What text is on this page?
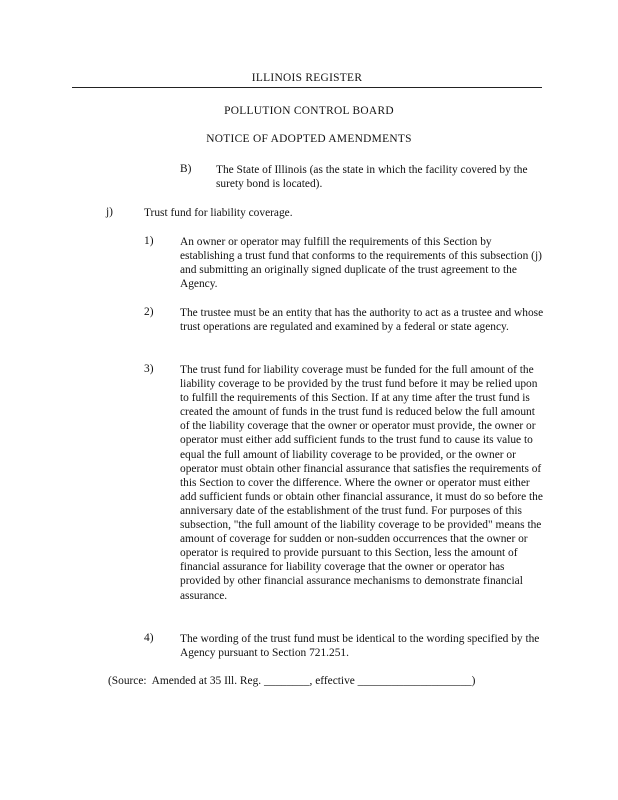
ILLINOIS REGISTER
POLLUTION CONTROL BOARD
NOTICE OF ADOPTED AMENDMENTS
B) The State of Illinois (as the state in which the facility covered by the surety bond is located).
j)	Trust fund for liability coverage.
1) An owner or operator may fulfill the requirements of this Section by establishing a trust fund that conforms to the requirements of this subsection (j) and submitting an originally signed duplicate of the trust agreement to the Agency.
2) The trustee must be an entity that has the authority to act as a trustee and whose trust operations are regulated and examined by a federal or state agency.
3) The trust fund for liability coverage must be funded for the full amount of the liability coverage to be provided by the trust fund before it may be relied upon to fulfill the requirements of this Section. If at any time after the trust fund is created the amount of funds in the trust fund is reduced below the full amount of the liability coverage that the owner or operator must provide, the owner or operator must either add sufficient funds to the trust fund to cause its value to equal the full amount of liability coverage to be provided, or the owner or operator must obtain other financial assurance that satisfies the requirements of this Section to cover the difference. Where the owner or operator must either add sufficient funds or obtain other financial assurance, it must do so before the anniversary date of the establishment of the trust fund. For purposes of this subsection, "the full amount of the liability coverage to be provided" means the amount of coverage for sudden or non-sudden occurrences that the owner or operator is required to provide pursuant to this Section, less the amount of financial assurance for liability coverage that the owner or operator has provided by other financial assurance mechanisms to demonstrate financial assurance.
4) The wording of the trust fund must be identical to the wording specified by the Agency pursuant to Section 721.251.
(Source:  Amended at 35 Ill. Reg. ________, effective ____________________)
